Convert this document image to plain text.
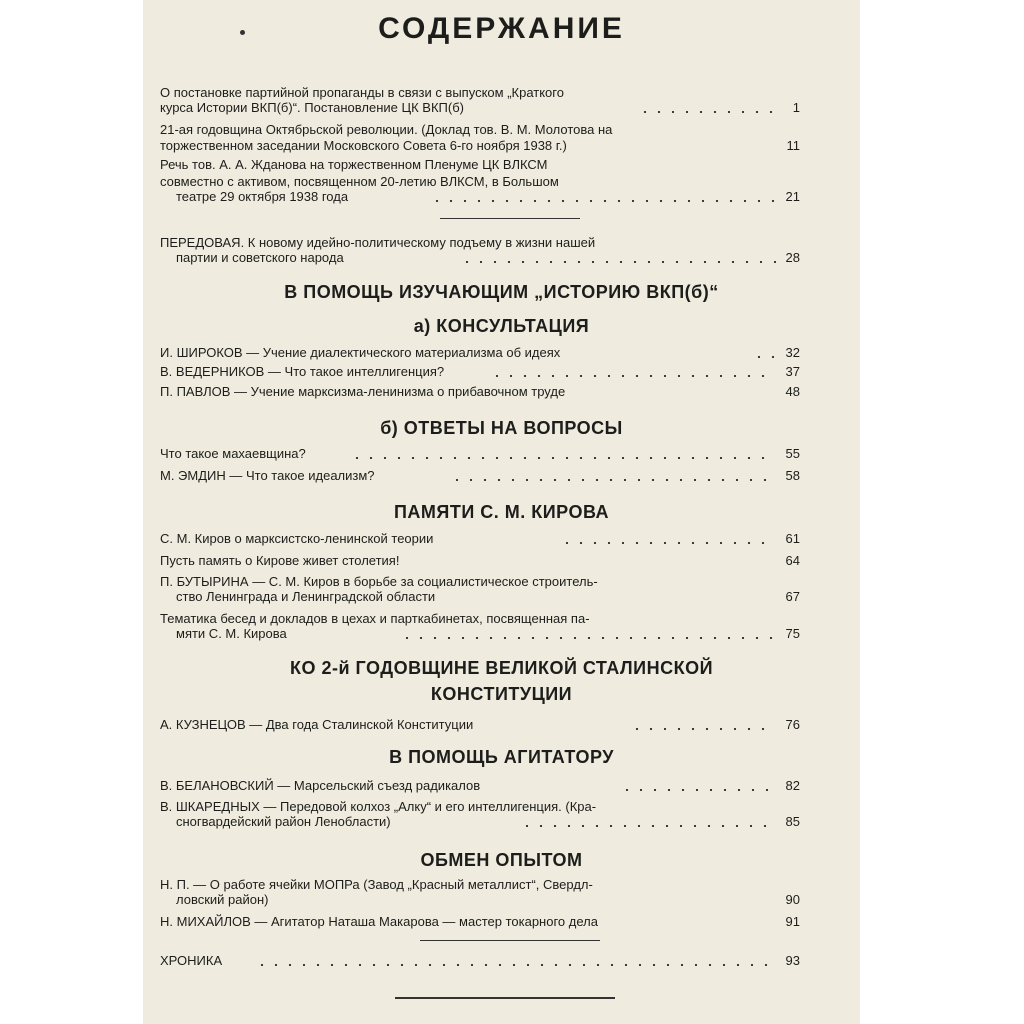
СОДЕРЖАНИЕ
О постановке партийной пропаганды в связи с выпуском „Краткого
курса Истории ВКП(б)“. Постановление ЦК ВКП(б)	1
21-ая годовщина Октябрьской революции. (Доклад тов. В. М. Молотова на
торжественном заседании Московского Совета 6-го ноября 1938 г.)	11
Речь тов. А. А. Жданова на торжественном Пленуме ЦК ВЛКСМ
совместно с активом, посвященном 20-летию ВЛКСМ, в Большом
театре 29 октября 1938 года	21
ПЕРЕДОВАЯ. К новому идейно-политическому подъему в жизни нашей
партии и советского народа	28
В ПОМОЩЬ ИЗУЧАЮЩИМ „ИСТОРИЮ ВКП(б)“
а) КОНСУЛЬТАЦИЯ
И. ШИРОКОВ — Учение диалектического материализма об идеях	32
В. ВЕДЕРНИКОВ — Что такое интеллигенция?	37
П. ПАВЛОВ — Учение марксизма-ленинизма о прибавочном труде	48
б) ОТВЕТЫ НА ВОПРОСЫ
Что такое махаевщина?	55
М. ЭМДИН — Что такое идеализм?	58
ПАМЯТИ С. М. КИРОВА
С. М. Киров о марксистско-ленинской теории	61
Пусть память о Кирове живет столетия!	64
П. БУТЫРИНА — С. М. Киров в борьбе за социалистическое строитель-
ство Ленинграда и Ленинградской области	67
Тематика бесед и докладов в цехах и парткабинетах, посвященная па-
мяти С. М. Кирова	75
КО 2-й ГОДОВЩИНЕ ВЕЛИКОЙ СТАЛИНСКОЙ
КОНСТИТУЦИИ
А. КУЗНЕЦОВ — Два года Сталинской Конституции	76
В ПОМОЩЬ АГИТАТОРУ
В. БЕЛАНОВСКИЙ — Марсельский съезд радикалов	82
В. ШКАРЕДНЫХ — Передовой колхоз „Алку“ и его интеллигенция. (Кра-
сногвардейский район Ленобласти)	85
ОБМЕН ОПЫТОМ
Н. П. — О работе ячейки МОПРа (Завод „Красный металлист“, Свердл-
ловский район)	90
Н. МИХАЙЛОВ — Агитатор Наташа Макарова — мастер токарного дела	91
ХРОНИКА	93
